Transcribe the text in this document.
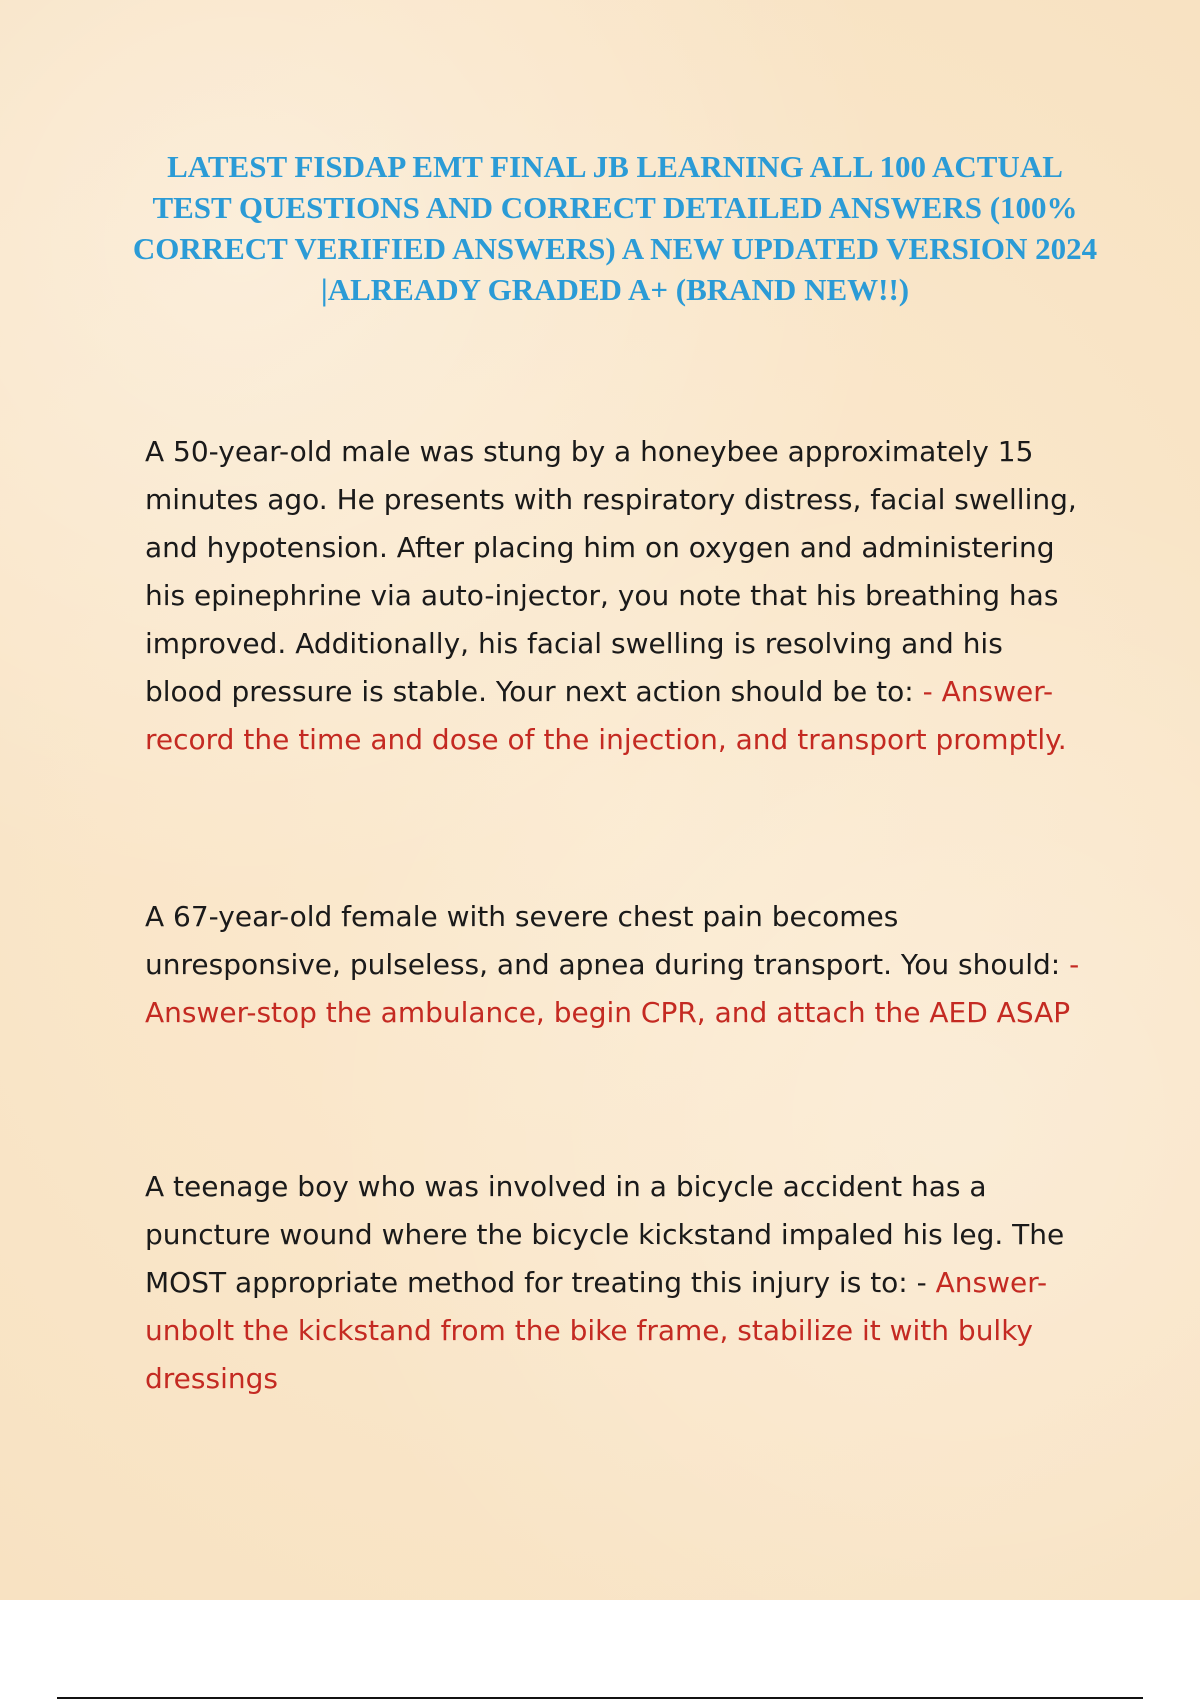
LATEST FISDAP EMT FINAL JB LEARNING ALL 100 ACTUAL TEST QUESTIONS AND CORRECT DETAILED ANSWERS (100% CORRECT VERIFIED ANSWERS) A NEW UPDATED VERSION 2024 |ALREADY GRADED A+ (BRAND NEW!!)

A 50-year-old male was stung by a honeybee approximately 15 minutes ago. He presents with respiratory distress, facial swelling, and hypotension. After placing him on oxygen and administering his epinephrine via auto-injector, you note that his breathing has improved. Additionally, his facial swelling is resolving and his blood pressure is stable. Your next action should be to: - Answer-record the time and dose of the injection, and transport promptly.

A 67-year-old female with severe chest pain becomes unresponsive, pulseless, and apnea during transport. You should: - Answer-stop the ambulance, begin CPR, and attach the AED ASAP

A teenage boy who was involved in a bicycle accident has a puncture wound where the bicycle kickstand impaled his leg. The MOST appropriate method for treating this injury is to: - Answer-unbolt the kickstand from the bike frame, stabilize it with bulky dressings
